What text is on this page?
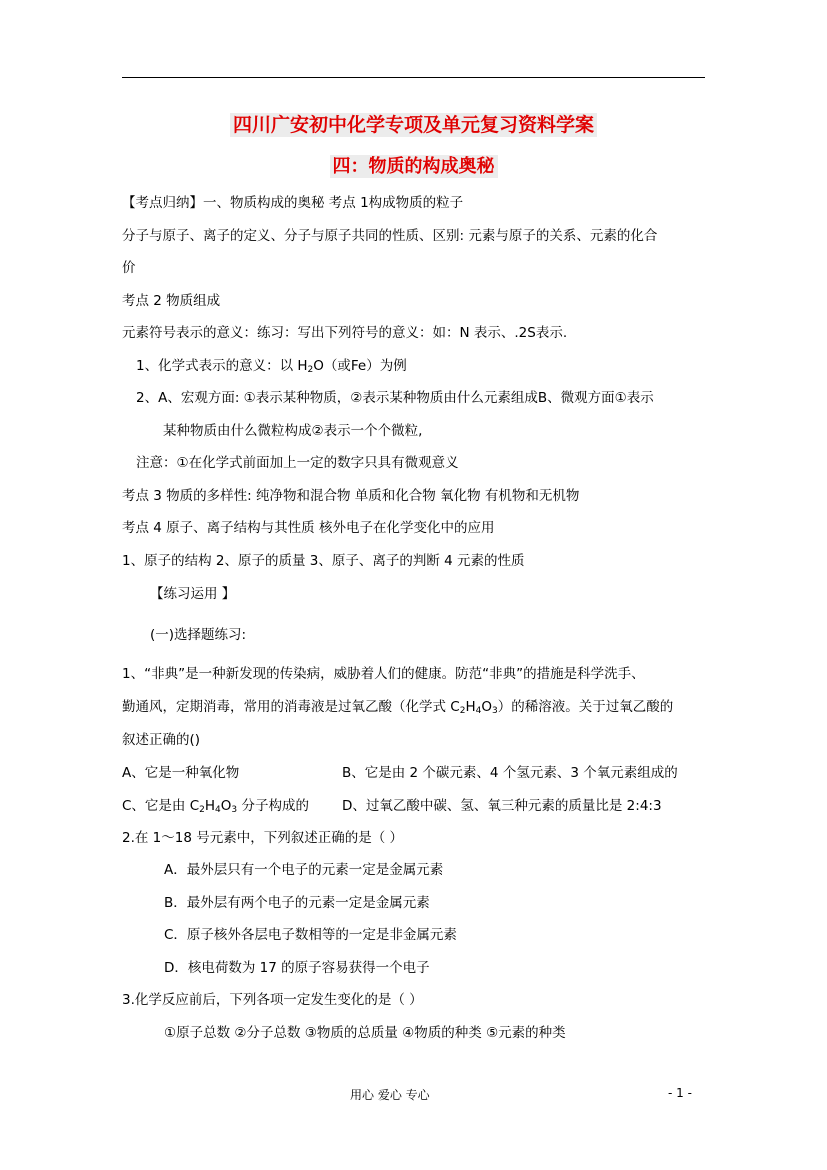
四川广安初中化学专项及单元复习资料学案
四：物质的构成奥秘
【考点归纳】一、物质构成的奥秘 考点 1构成物质的粒子
分子与原子、离子的定义、分子与原子共同的性质、区别: 元素与原子的关系、元素的化合
价
考点 2 物质组成
元素符号表示的意义：练习：写出下列符号的意义：如：N 表示、.2S表示.
1、化学式表示的意义：以 $H_2O$（或Fe）为例
2、A、宏观方面: ①表示某种物质，②表示某种物质由什么元素组成B、微观方面①表示
某种物质由什么微粒构成②表示一个个微粒,
注意：①在化学式前面加上一定的数字只具有微观意义
考点 3 物质的多样性: 纯净物和混合物 单质和化合物 氧化物 有机物和无机物
考点 4 原子、离子结构与其性质 核外电子在化学变化中的应用
1、原子的结构 2、原子的质量 3、原子、离子的判断 4 元素的性质
【练习运用 】
(一)选择题练习:
1、“非典”是一种新发现的传染病，威胁着人们的健康。防范“非典”的措施是科学洗手、
勤通风，定期消毒，常用的消毒液是过氧乙酸（化学式 $C_2H_4O_3$）的稀溶液。关于过氧乙酸的
叙述正确的()
A、它是一种氧化物	B、它是由 2 个碳元素、4 个氢元素、3 个氧元素组成的
C、它是由 $C_2H_4O_3$ 分子构成的 D、过氧乙酸中碳、氢、氧三种元素的质量比是 2:4:3
2.在 1～18 号元素中，下列叙述正确的是（ ）
A．最外层只有一个电子的元素一定是金属元素
B．最外层有两个电子的元素一定是金属元素
C．原子核外各层电子数相等的一定是非金属元素
D．核电荷数为 17 的原子容易获得一个电子
3.化学反应前后，下列各项一定发生变化的是（ ）
①原子总数 ②分子总数 ③物质的总质量 ④物质的种类 ⑤元素的种类
用心 爱心 专心	- 1 -
